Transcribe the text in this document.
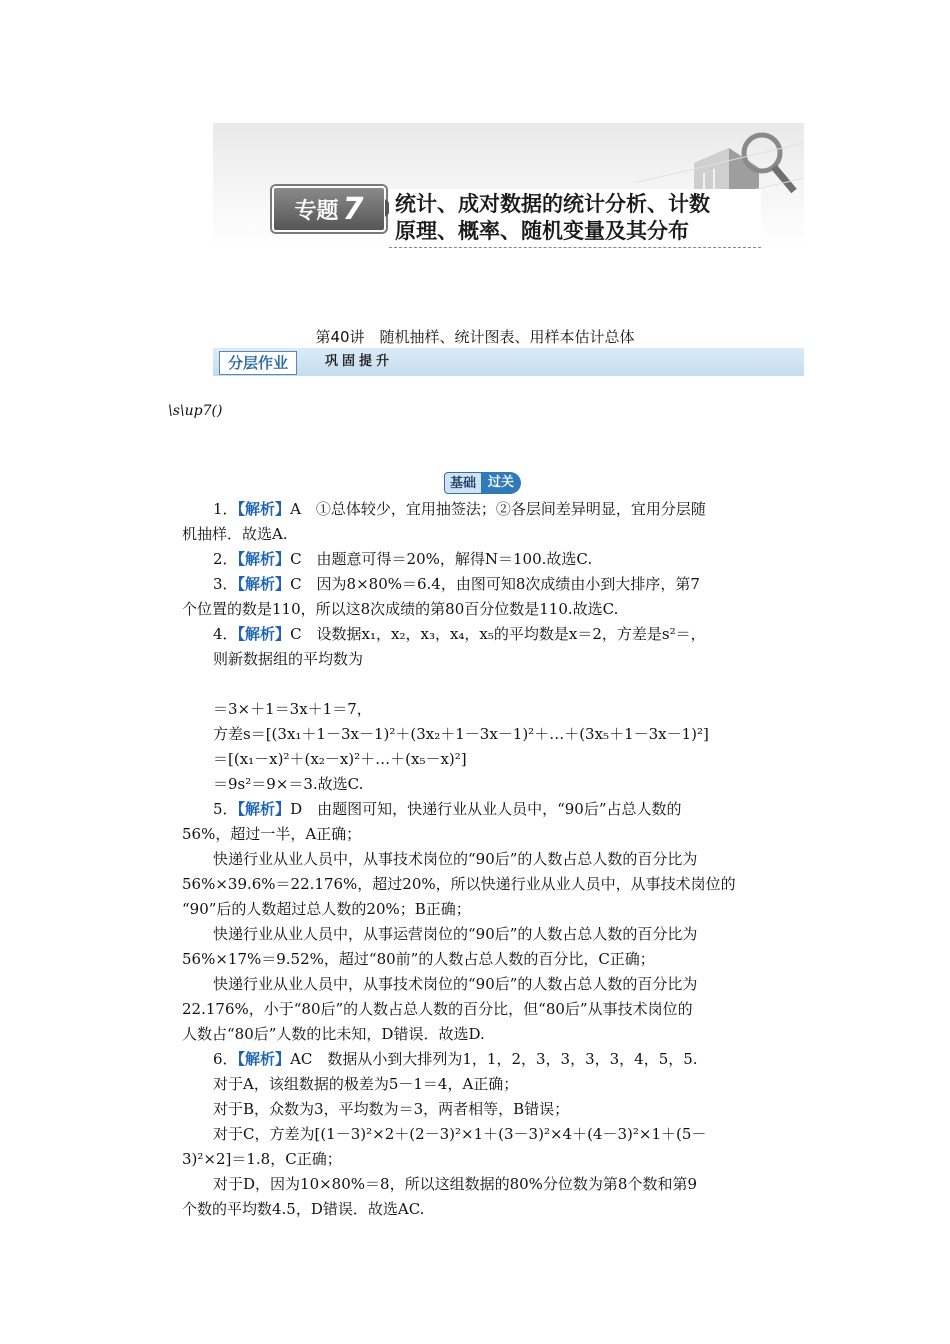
专题 7 统计、成对数据的统计分析、计数
原理、概率、随机变量及其分布
第40讲　随机抽样、统计图表、用样本估计总体
分层作业	巩固提升
\s\up7()
基础 过关

1．【解析】A　①总体较少，宜用抽签法；②各层间差异明显，宜用分层随

机抽样．故选A.

2．【解析】C　由题意可得＝20%，解得N＝100.故选C.

3．【解析】C　因为8×80%＝6.4，由图可知8次成绩由小到大排序，第7

个位置的数是110，所以这8次成绩的第80百分位数是110.故选C.

4．【解析】C　设数据x₁，x₂，x₃，x₄，x₅的平均数是x＝2，方差是s²＝，

则新数据组的平均数为

＝3×＋1＝3x＋1＝7，

方差s＝[(3x₁＋1－3x－1)²＋(3x₂＋1－3x－1)²＋…＋(3x₅＋1－3x－1)²]

＝[(x₁－x)²＋(x₂－x)²＋…＋(x₅－x)²]

＝9s²＝9×＝3.故选C.

5．【解析】D　由题图可知，快递行业从业人员中，“90后”占总人数的

56%，超过一半，A正确；

快递行业从业人员中，从事技术岗位的“90后”的人数占总人数的百分比为

56%×39.6%＝22.176%，超过20%，所以快递行业从业人员中，从事技术岗位的

“90”后的人数超过总人数的20%；B正确；

快递行业从业人员中，从事运营岗位的“90后”的人数占总人数的百分比为

56%×17%＝9.52%，超过“80前”的人数占总人数的百分比，C正确；

快递行业从业人员中，从事技术岗位的“90后”的人数占总人数的百分比为

22.176%，小于“80后”的人数占总人数的百分比，但“80后”从事技术岗位的

人数占“80后”人数的比未知，D错误．故选D.

6．【解析】AC　数据从小到大排列为1，1，2，3，3，3，3，4，5，5.

对于A，该组数据的极差为5－1＝4，A正确；

对于B，众数为3，平均数为＝3，两者相等，B错误；

对于C，方差为[(1－3)²×2＋(2－3)²×1＋(3－3)²×4＋(4－3)²×1＋(5－

3)²×2]＝1.8，C正确；

对于D，因为10×80%＝8，所以这组数据的80%分位数为第8个数和第9

个数的平均数4.5，D错误．故选AC.
